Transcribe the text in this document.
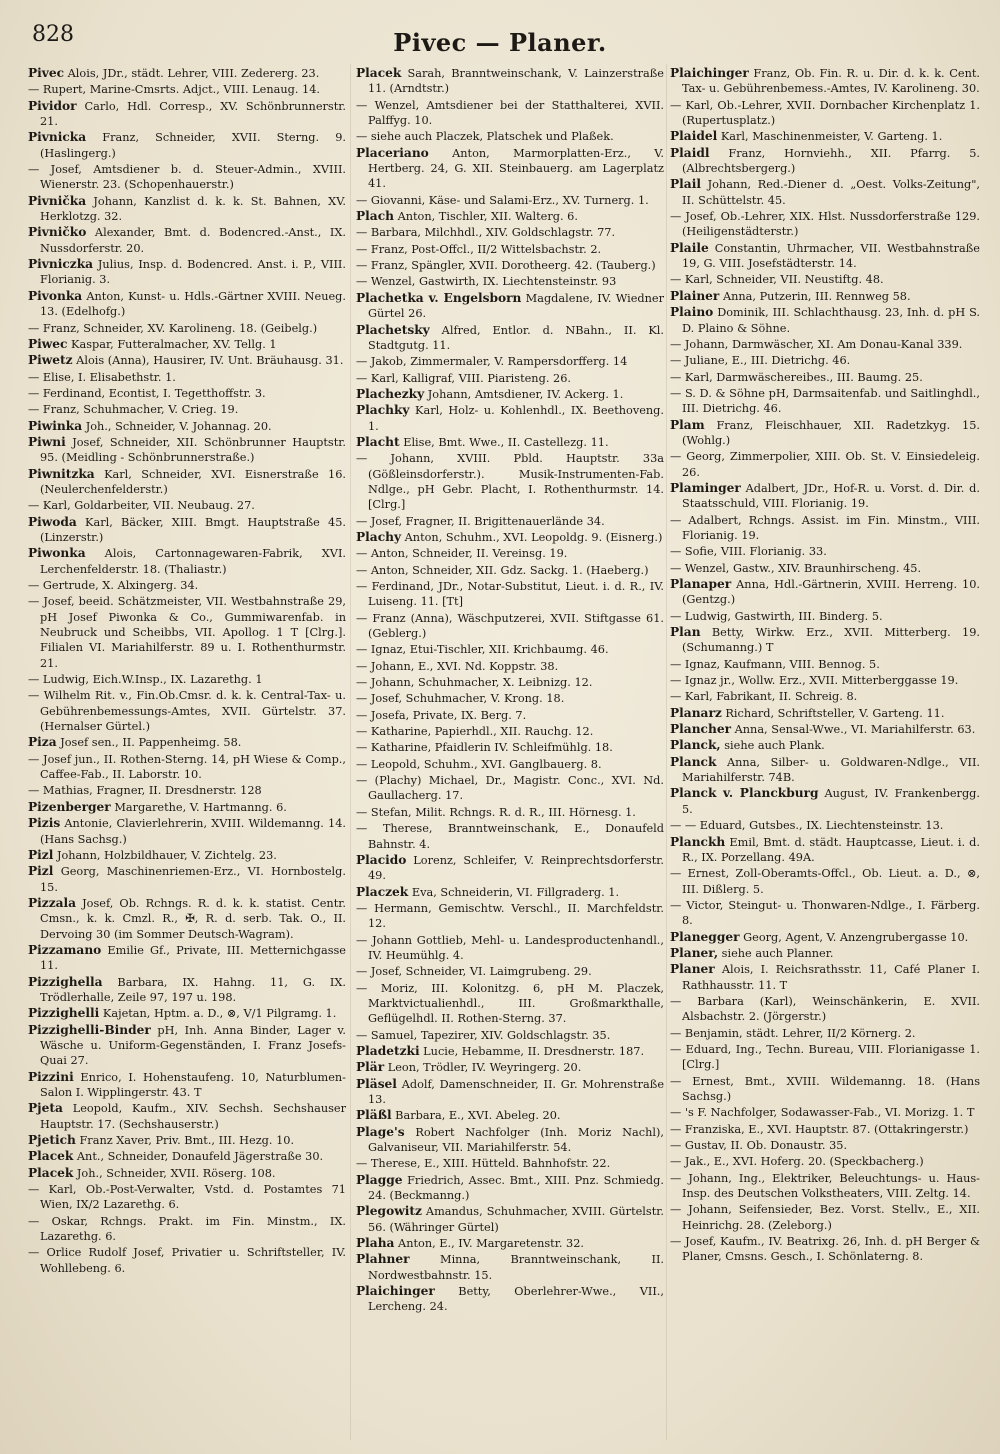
828	Pivec — Planer.
Pivec Alois, JDr., städt. Lehrer, VIII. Zedererg. 23.
— Rupert, Marine-Cmsrts. Adjct., VIII. Lenaug. 14.
Pividor Carlo, Hdl. Corresp., XV. Schönbrunnerstr. 21.
Pivnicka Franz, Schneider, XVII. Sterng. 9. (Haslingerg.)
— Josef, Amtsdiener b. d. Steuer-Admin., XVIII. Wienerstr. 23. (Schopenhauerstr.)
Pivnička Johann, Kanzlist d. k. k. St. Bahnen, XV. Herklotzg. 32.
Pivničko Alexander, Bmt. d. Bodencred.-Anst., IX. Nussdorferstr. 20.
Pivniczka Julius, Insp. d. Bodencred. Anst. i. P., VIII. Florianig. 3.
Pivonka Anton, Kunst- u. Hdls.-Gärtner XVIII. Neueg. 13. (Edelhofg.)
— Franz, Schneider, XV. Karolineng. 18. (Geibelg.)
Piwec Kaspar, Futteralmacher, XV. Tellg. 1
Piwetz Alois (Anna), Hausirer, IV. Unt. Bräuhausg. 31.
— Elise, I. Elisabethstr. 1.
— Ferdinand, Econtist, I. Tegetthoffstr. 3.
— Franz, Schuhmacher, V. Crieg. 19.
Piwinka Joh., Schneider, V. Johannag. 20.
Piwni Josef, Schneider, XII. Schönbrunner Hauptstr. 95. (Meidling - Schönbrunnerstraße.)
Piwnitzka Karl, Schneider, XVI. Eisnerstraße 16. (Neulerchenfelderstr.)
— Karl, Goldarbeiter, VII. Neubaug. 27.
Piwoda Karl, Bäcker, XIII. Bmgt. Hauptstraße 45. (Linzerstr.)
Piwonka Alois, Cartonnagewaren-Fabrik, XVI. Lerchenfelderstr. 18. (Thaliastr.)
— Gertrude, X. Alxingerg. 34.
— Josef, beeid. Schätzmeister, VII. Westbahnstraße 29, pH Josef Piwonka & Co., Gummiwarenfab. in Neubruck und Scheibbs, VII. Apollog. 1 T [Clrg.]. Filialen VI. Mariahilferstr. 89 u. I. Rothenthurmstr. 21.
— Ludwig, Eich.W.Insp., IX. Lazarethg. 1
— Wilhelm Rit. v., Fin.Ob.Cmsr. d. k. k. Central-Tax- u. Gebührenbemessungs-Amtes, XVII. Gürtelstr. 37. (Hernalser Gürtel.)
Piza Josef sen., II. Pappenheimg. 58.
— Josef jun., II. Rothen-Sterng. 14, pH Wiese & Comp., Caffee-Fab., II. Laborstr. 10.
— Mathias, Fragner, II. Dresdnerstr. 128
Pizenberger Margarethe, V. Hartmanng. 6.
Pizis Antonie, Clavierlehrerin, XVIII. Wildemanng. 14. (Hans Sachsg.)
Pizl Johann, Holzbildhauer, V. Zichtelg. 23.
Pizl Georg, Maschinenriemen-Erz., VI. Hornbostelg. 15.
Pizzala Josef, Ob. Rchngs. R. d. k. k. statist. Centr. Cmsn., k. k. Cmzl. R., ✠, R. d. serb. Tak. O., II. Dervoing 30 (im Sommer Deutsch-Wagram).
Pizzamano Emilie Gf., Private, III. Metternichgasse 11.
Pizzighella Barbara, IX. Hahng. 11, G. IX. Trödlerhalle, Zeile 97, 197 u. 198.
Pizzighelli Kajetan, Hptm. a. D., ⊗, V/1 Pilgramg. 1.
Pizzighelli-Binder pH, Inh. Anna Binder, Lager v. Wäsche u. Uniform-Gegenständen, I. Franz Josefs-Quai 27.
Pizzini Enrico, I. Hohenstaufeng. 10, Naturblumen-Salon I. Wipplingerstr. 43. T
Pjeta Leopold, Kaufm., XIV. Sechsh. Sechshauser Hauptstr. 17. (Sechshauserstr.)
Pjetich Franz Xaver, Priv. Bmt., III. Hezg. 10.
Placek Ant., Schneider, Donaufeld Jägerstraße 30.
Placek Joh., Schneider, XVII. Röserg. 108.
— Karl, Ob.-Post-Verwalter, Vstd. d. Postamtes 71 Wien, IX/2 Lazarethg. 6.
— Oskar, Rchngs. Prakt. im Fin. Minstm., IX. Lazarethg. 6.
— Orlice Rudolf Josef, Privatier u. Schriftsteller, IV. Wohllebeng. 6.
Placek Sarah, Branntweinschank, V. Lainzerstraße 11. (Arndtstr.)
— Wenzel, Amtsdiener bei der Statthalterei, XVII. Palffyg. 10.
— siehe auch Placzek, Platschek und Plaßek.
Placeriano Anton, Marmorplatten-Erz., V. Hertberg. 24, G. XII. Steinbauerg. am Lagerplatz 41.
— Giovanni, Käse- und Salami-Erz., XV. Turnerg. 1.
Plach Anton, Tischler, XII. Walterg. 6.
— Barbara, Milchhdl., XIV. Goldschlagstr. 77.
— Franz, Post-Offcl., II/2 Wittelsbachstr. 2.
— Franz, Spängler, XVII. Dorotheerg. 42. (Tauberg.)
— Wenzel, Gastwirth, IX. Liechtensteinstr. 93
Plachetka v. Engelsborn Magdalene, IV. Wiedner Gürtel 26.
Plachetsky Alfred, Entlor. d. NBahn., II. Kl. Stadtgutg. 11.
— Jakob, Zimmermaler, V. Rampersdorfferg. 14
— Karl, Kalligraf, VIII. Piaristeng. 26.
Plachezky Johann, Amtsdiener, IV. Ackerg. 1.
Plachky Karl, Holz- u. Kohlenhdl., IX. Beethoveng. 1.
Placht Elise, Bmt. Wwe., II. Castellezg. 11.
— Johann, XVIII. Pbld. Hauptstr. 33a (Gößleinsdorferstr.). Musik-Instrumenten-Fab. Ndlge., pH Gebr. Placht, I. Rothenthurmstr. 14. [Clrg.]
— Josef, Fragner, II. Brigittenauerlände 34.
Plachy Anton, Schuhm., XVI. Leopoldg. 9. (Eisnerg.)
— Anton, Schneider, II. Vereinsg. 19.
— Anton, Schneider, XII. Gdz. Sackg. 1. (Haeberg.)
— Ferdinand, JDr., Notar-Substitut, Lieut. i. d. R., IV. Luiseng. 11. [Tt]
— Franz (Anna), Wäschputzerei, XVII. Stiftgasse 61. (Geblerg.)
— Ignaz, Etui-Tischler, XII. Krichbaumg. 46.
— Johann, E., XVI. Nd. Koppstr. 38.
— Johann, Schuhmacher, X. Leibnizg. 12.
— Josef, Schuhmacher, V. Krong. 18.
— Josefa, Private, IX. Berg. 7.
— Katharine, Papierhdl., XII. Rauchg. 12.
— Katharine, Pfaidlerin IV. Schleifmühlg. 18.
— Leopold, Schuhm., XVI. Ganglbauerg. 8.
— (Plachy) Michael, Dr., Magistr. Conc., XVI. Nd. Gaullacherg. 17.
— Stefan, Milit. Rchngs. R. d. R., III. Hörnesg. 1.
— Therese, Branntweinschank, E., Donaufeld Bahnstr. 4.
Placido Lorenz, Schleifer, V. Reinprechtsdorferstr. 49.
Placzek Eva, Schneiderin, VI. Fillgraderg. 1.
— Hermann, Gemischtw. Verschl., II. Marchfeldstr. 12.
— Johann Gottlieb, Mehl- u. Landesproductenhandl., IV. Heumühlg. 4.
— Josef, Schneider, VI. Laimgrubeng. 29.
— Moriz, III. Kolonitzg. 6, pH M. Placzek, Marktvictualienhdl., III. Großmarkthalle, Geflügelhdl. II. Rothen-Sterng. 37.
— Samuel, Tapezirer, XIV. Goldschlagstr. 35.
Pladetzki Lucie, Hebamme, II. Dresdnerstr. 187.
Plär Leon, Trödler, IV. Weyringerg. 20.
Pläsel Adolf, Damenschneider, II. Gr. Mohrenstraße 13.
Pläßl Barbara, E., XVI. Abeleg. 20.
Plage's Robert Nachfolger (Inh. Moriz Nachl), Galvaniseur, VII. Mariahilferstr. 54.
— Therese, E., XIII. Hütteld. Bahnhofstr. 22.
Plagge Friedrich, Assec. Bmt., XIII. Pnz. Schmiedg. 24. (Beckmanng.)
Plegowitz Amandus, Schuhmacher, XVIII. Gürtelstr. 56. (Währinger Gürtel)
Plaha Anton, E., IV. Margaretenstr. 32.
Plahner Minna, Branntweinschank, II. Nordwestbahnstr. 15.
Plaichinger Betty, Oberlehrer-Wwe., VII., Lercheng. 24.
Plaichinger Franz, Ob. Fin. R. u. Dir. d. k. k. Cent. Tax- u. Gebührenbemess.-Amtes, IV. Karolineng. 30.
— Karl, Ob.-Lehrer, XVII. Dornbacher Kirchenplatz 1. (Rupertusplatz.)
Plaidel Karl, Maschinenmeister, V. Garteng. 1.
Plaidl Franz, Hornviehh., XII. Pfarrg. 5. (Albrechtsbergerg.)
Plail Johann, Red.-Diener d. „Oest. Volks-Zeitung", II. Schüttelstr. 45.
— Josef, Ob.-Lehrer, XIX. Hlst. Nussdorferstraße 129. (Heiligenstädterstr.)
Plaile Constantin, Uhrmacher, VII. Westbahnstraße 19, G. VIII. Josefstädterstr. 14.
— Karl, Schneider, VII. Neustiftg. 48.
Plainer Anna, Putzerin, III. Rennweg 58.
Plaino Dominik, III. Schlachthausg. 23, Inh. d. pH S. D. Plaino & Söhne.
— Johann, Darmwäscher, XI. Am Donau-Kanal 339.
— Juliane, E., III. Dietrichg. 46.
— Karl, Darmwäschereibes., III. Baumg. 25.
— S. D. & Söhne pH, Darmsaitenfab. und Saitlinghdl., III. Dietrichg. 46.
Plam Franz, Fleischhauer, XII. Radetzkyg. 15. (Wohlg.)
— Georg, Zimmerpolier, XIII. Ob. St. V. Einsiedeleig. 26.
Plaminger Adalbert, JDr., Hof-R. u. Vorst. d. Dir. d. Staatsschuld, VIII. Florianig. 19.
— Adalbert, Rchngs. Assist. im Fin. Minstm., VIII. Florianig. 19.
— Sofie, VIII. Florianig. 33.
— Wenzel, Gastw., XIV. Braunhirscheng. 45.
Planaper Anna, Hdl.-Gärtnerin, XVIII. Herreng. 10. (Gentzg.)
— Ludwig, Gastwirth, III. Binderg. 5.
Plan Betty, Wirkw. Erz., XVII. Mitterberg. 19. (Schumanng.) T
— Ignaz, Kaufmann, VIII. Bennog. 5.
— Ignaz jr., Wollw. Erz., XVII. Mitterberggasse 19.
— Karl, Fabrikant, II. Schreig. 8.
Planarz Richard, Schriftsteller, V. Garteng. 11.
Plancher Anna, Sensal-Wwe., VI. Mariahilferstr. 63.
Planck, siehe auch Plank.
Planck Anna, Silber- u. Goldwaren-Ndlge., VII. Mariahilferstr. 74B.
Planck v. Planckburg August, IV. Frankenbergg. 5.
— — Eduard, Gutsbes., IX. Liechtensteinstr. 13.
Planckh Emil, Bmt. d. städt. Hauptcasse, Lieut. i. d. R., IX. Porzellang. 49A.
— Ernest, Zoll-Oberamts-Offcl., Ob. Lieut. a. D., ⊗, III. Dißlerg. 5.
— Victor, Steingut- u. Thonwaren-Ndlge., I. Färberg. 8.
Planegger Georg, Agent, V. Anzengrubergasse 10.
Planer, siehe auch Planner.
Planer Alois, I. Reichsrathsstr. 11, Café Planer I. Rathhausstr. 11. T
— Barbara (Karl), Weinschänkerin, E. XVII. Alsbachstr. 2. (Jörgerstr.)
— Benjamin, städt. Lehrer, II/2 Körnerg. 2.
— Eduard, Ing., Techn. Bureau, VIII. Florianigasse 1. [Clrg.]
— Ernest, Bmt., XVIII. Wildemanng. 18. (Hans Sachsg.)
— 's F. Nachfolger, Sodawasser-Fab., VI. Morizg. 1. T
— Franziska, E., XVI. Hauptstr. 87. (Ottakringerstr.)
— Gustav, II. Ob. Donaustr. 35.
— Jak., E., XVI. Hoferg. 20. (Speckbacherg.)
— Johann, Ing., Elektriker, Beleuchtungs- u. Haus-Insp. des Deutschen Volkstheaters, VIII. Zeltg. 14.
— Johann, Seifensieder, Bez. Vorst. Stellv., E., XII. Heinrichg. 28. (Zeleborg.)
— Josef, Kaufm., IV. Beatrixg. 26, Inh. d. pH Berger & Planer, Cmsns. Gesch., I. Schönlaterng. 8.
